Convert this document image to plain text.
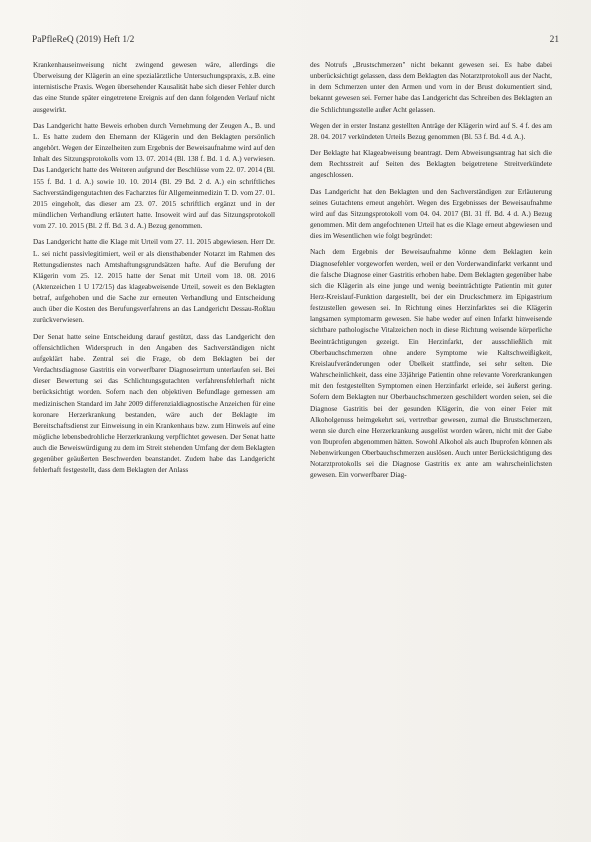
PaPfleReQ (2019) Heft 1/2	21

Krankenhauseinweisung nicht zwingend gewesen wäre, allerdings die Überweisung der Klägerin an eine spezialärztliche Untersuchungspraxis, z.B. eine internistische Praxis. Wegen übersehender Kausalität habe sich dieser Fehler durch das eine Stunde später eingetretene Ereignis auf den dann folgenden Verlauf nicht ausgewirkt.

Das Landgericht hatte Beweis erhoben durch Vernehmung der Zeugen A., B. und L. Es hatte zudem den Ehemann der Klägerin und den Beklagten persönlich angehört. Wegen der Einzelheiten zum Ergebnis der Beweisaufnahme wird auf den Inhalt des Sitzungsprotokolls vom 13. 07. 2014 (Bl. 138 f. Bd. 1 d. A.) verwiesen. Das Landgericht hatte des Weiteren aufgrund der Beschlüsse vom 22. 07. 2014 (Bl. 155 f. Bd. 1 d. A.) sowie 10. 10. 2014 (Bl. 29 Bd. 2 d. A.) ein schriftliches Sachverständigengutachten des Facharztes für Allgemeinmedizin T. D. vom 27. 01. 2015 eingeholt, das dieser am 23. 07. 2015 schriftlich ergänzt und in der mündlichen Verhandlung erläutert hatte. Insoweit wird auf das Sitzungsprotokoll vom 27. 10. 2015 (Bl. 2 ff. Bd. 3 d. A.) Bezug genommen.

Das Landgericht hatte die Klage mit Urteil vom 27. 11. 2015 abgewiesen. Herr Dr. L. sei nicht passivlegitimiert, weil er als diensthabender Notarzt im Rahmen des Rettungsdienstes nach Amtshaftungsgrundsätzen hafte. Auf die Berufung der Klägerin vom 25. 12. 2015 hatte der Senat mit Urteil vom 18. 08. 2016 (Aktenzeichen 1 U 172/15) das klageabweisende Urteil, soweit es den Beklagten betraf, aufgehoben und die Sache zur erneuten Verhandlung und Entscheidung auch über die Kosten des Berufungsverfahrens an das Landgericht Dessau-Roßlau zurückverwiesen.

Der Senat hatte seine Entscheidung darauf gestützt, dass das Landgericht den offensichtlichen Widerspruch in den Angaben des Sachverständigen nicht aufgeklärt habe. Zentral sei die Frage, ob dem Beklagten bei der Verdachtsdiagnose Gastritis ein vorwerfbarer Diagnoseirrtum unterlaufen sei. Bei dieser Bewertung sei das Schlichtungsgutachten verfahrensfehlerhaft nicht berücksichtigt worden. Sofern nach den objektiven Befundlage gemessen am medizinischen Standard im Jahr 2009 differenzialdiagnostische Anzeichen für eine koronare Herzerkrankung bestanden, wäre auch der Beklagte im Bereitschaftsdienst zur Einweisung in ein Krankenhaus bzw. zum Hinweis auf eine mögliche lebensbedrohliche Herzerkrankung verpflichtet gewesen. Der Senat hatte auch die Beweiswürdigung zu dem im Streit stehenden Umfang der dem Beklagten gegenüber geäußerten Beschwerden beanstandet. Zudem habe das Landgericht fehlerhaft festgestellt, dass dem Beklagten der Anlass

des Notrufs „Brustschmerzen" nicht bekannt gewesen sei. Es habe dabei unberücksichtigt gelassen, dass dem Beklagten das Notarztprotokoll aus der Nacht, in dem Schmerzen unter den Armen und vorn in der Brust dokumentiert sind, bekannt gewesen sei. Ferner habe das Landgericht das Schreiben des Beklagten an die Schlichtungsstelle außer Acht gelassen.

Wegen der in erster Instanz gestellten Anträge der Klägerin wird auf S. 4 f. des am 28. 04. 2017 verkündeten Urteils Bezug genommen (Bl. 53 f. Bd. 4 d. A.).

Der Beklagte hat Klageabweisung beantragt. Dem Abweisungsantrag hat sich die dem Rechtsstreit auf Seiten des Beklagten beigetretene Streitverkündete angeschlossen.

Das Landgericht hat den Beklagten und den Sachverständigen zur Erläuterung seines Gutachtens erneut angehört. Wegen des Ergebnisses der Beweisaufnahme wird auf das Sitzungsprotokoll vom 04. 04. 2017 (Bl. 31 ff. Bd. 4 d. A.) Bezug genommen. Mit dem angefochtenen Urteil hat es die Klage erneut abgewiesen und dies im Wesentlichen wie folgt begründet:

Nach dem Ergebnis der Beweisaufnahme könne dem Beklagten kein Diagnosefehler vorgeworfen werden, weil er den Vorderwandinfarkt verkannt und die falsche Diagnose einer Gastritis erhoben habe. Dem Beklagten gegenüber habe sich die Klägerin als eine junge und wenig beeinträchtigte Patientin mit guter Herz-Kreislauf-Funktion dargestellt, bei der ein Druckschmerz im Epigastrium festzustellen gewesen sei. In Richtung eines Herzinfarktes sei die Klägerin langsamen symptomarm gewesen. Sie habe weder auf einen Infarkt hinweisende sichtbare pathologische Vitalzeichen noch in diese Richtung weisende körperliche Beeinträchtigungen gezeigt. Ein Herzinfarkt, der ausschließlich mit Oberbauchschmerzen ohne andere Symptome wie Kaltschweißigkeit, Kreislaufveränderungen oder Übelkeit stattfinde, sei sehr selten. Die Wahrscheinlichkeit, dass eine 33jährige Patientin ohne relevante Vorerkrankungen mit den festgestellten Symptomen einen Herzinfarkt erleide, sei äußerst gering. Sofern dem Beklagten nur Oberbauchschmerzen geschildert worden seien, sei die Diagnose Gastritis bei der gesunden Klägerin, die von einer Feier mit Alkoholgenuss heimgekehrt sei, vertretbar gewesen, zumal die Brustschmerzen, wenn sie durch eine Herzerkrankung ausgelöst worden wären, nicht mit der Gabe von Ibuprofen abgenommen hätten. Sowohl Alkohol als auch Ibuprofen können als Nebenwirkungen Oberbauchschmerzen auslösen. Auch unter Berücksichtigung des Notarztprotokolls sei die Diagnose Gastritis ex ante am wahrscheinlichsten gewesen. Ein vorwerfbarer Diag-
